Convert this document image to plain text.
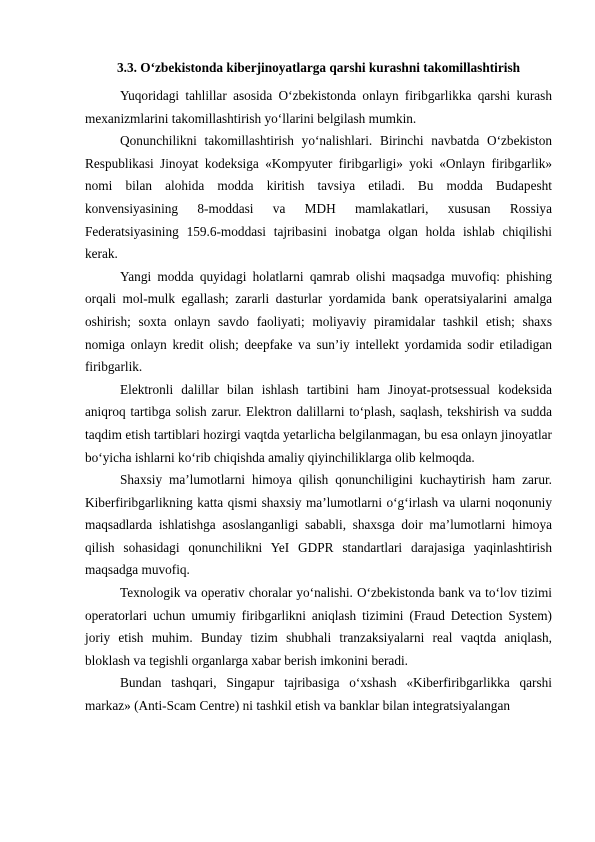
3.3. O‘zbekistonda kiberjinoyatlarga qarshi kurashni takomillashtirish

Yuqoridagi tahlillar asosida O‘zbekistonda onlayn firibgarlikka qarshi kurash mexanizmlarini takomillashtirish yo‘llarini belgilash mumkin.

Qonunchilikni takomillashtirish yo‘nalishlari. Birinchi navbatda O‘zbekiston Respublikasi Jinoyat kodeksiga «Kompyuter firibgarligi» yoki «Onlayn firibgarlik» nomi bilan alohida modda kiritish tavsiya etiladi. Bu modda Budapesht konvensiyasining 8-moddasi va MDH mamlakatlari, xususan Rossiya Federatsiyasining 159.6-moddasi tajribasini inobatga olgan holda ishlab chiqilishi kerak.

Yangi modda quyidagi holatlarni qamrab olishi maqsadga muvofiq: phishing orqali mol-mulk egallash; zararli dasturlar yordamida bank operatsiyalarini amalga oshirish; soxta onlayn savdo faoliyati; moliyaviy piramidalar tashkil etish; shaxs nomiga onlayn kredit olish; deepfake va sun’iy intellekt yordamida sodir etiladigan firibgarlik.

Elektronli dalillar bilan ishlash tartibini ham Jinoyat-protsessual kodeksida aniqroq tartibga solish zarur. Elektron dalillarni to‘plash, saqlash, tekshirish va sudda taqdim etish tartiblari hozirgi vaqtda yetarlicha belgilanmagan, bu esa onlayn jinoyatlar bo‘yicha ishlarni ko‘rib chiqishda amaliy qiyinchiliklarga olib kelmoqda.

Shaxsiy ma’lumotlarni himoya qilish qonunchiligini kuchaytirish ham zarur. Kiberfiribgarlikning katta qismi shaxsiy ma’lumotlarni o‘g‘irlash va ularni noqonuniy maqsadlarda ishlatishga asoslanganligi sababli, shaxsga doir ma’lumotlarni himoya qilish sohasidagi qonunchilikni YeI GDPR standartlari darajasiga yaqinlashtirish maqsadga muvofiq.

Texnologik va operativ choralar yo‘nalishi. O‘zbekistonda bank va to‘lov tizimi operatorlari uchun umumiy firibgarlikni aniqlash tizimini (Fraud Detection System) joriy etish muhim. Bunday tizim shubhali tranzaksiyalarni real vaqtda aniqlash, bloklash va tegishli organlarga xabar berish imkonini beradi.

Bundan tashqari, Singapur tajribasiga o‘xshash «Kiberfiribgarlikka qarshi markaz» (Anti-Scam Centre) ni tashkil etish va banklar bilan integratsiyalangan
